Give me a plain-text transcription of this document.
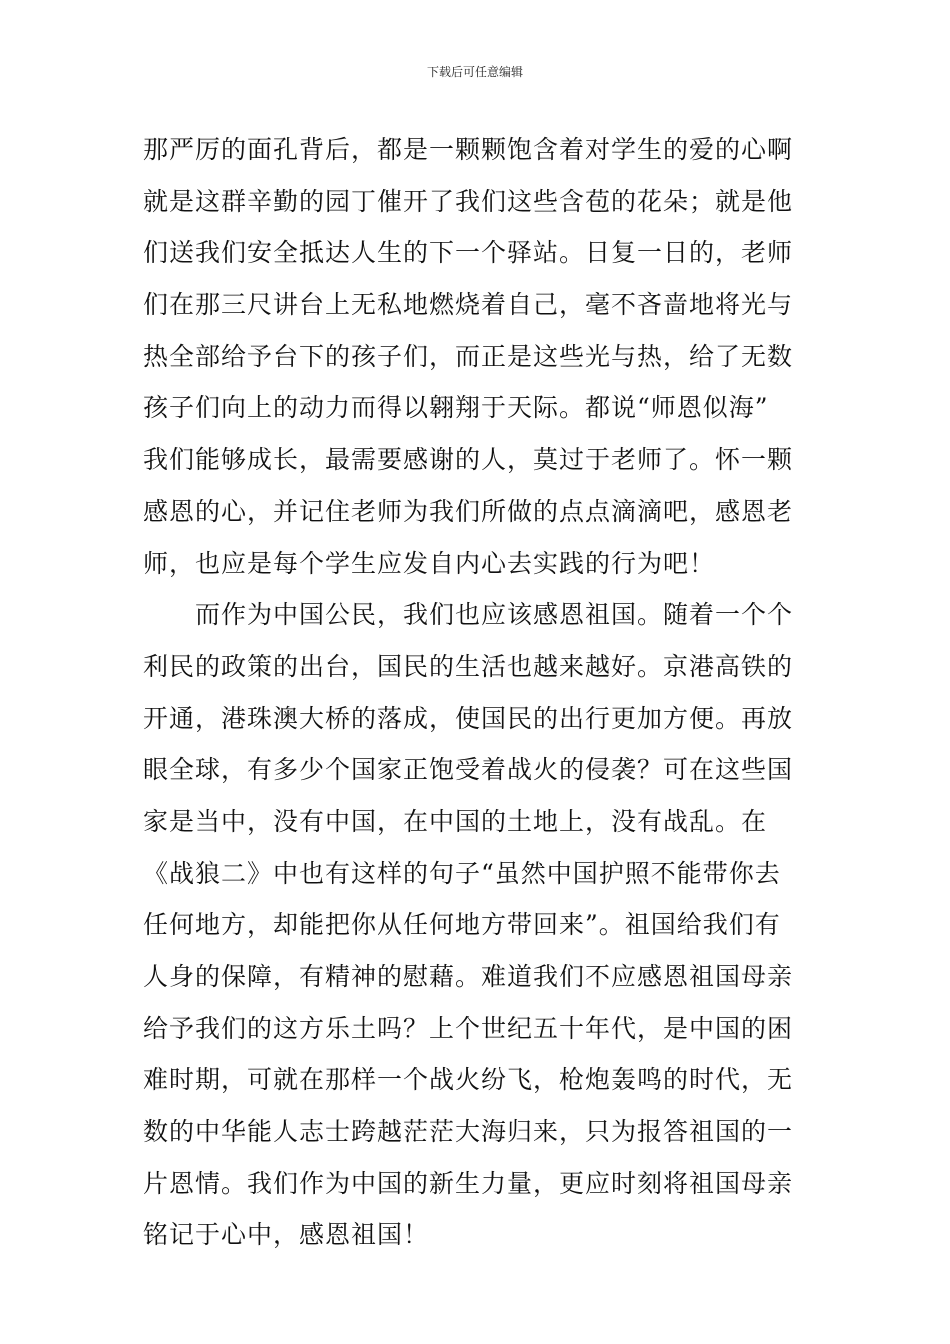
下载后可任意编辑
那严厉的面孔背后，都是一颗颗饱含着对学生的爱的心啊
就是这群辛勤的园丁催开了我们这些含苞的花朵；就是他
们送我们安全抵达人生的下一个驿站。日复一日的，老师
们在那三尺讲台上无私地燃烧着自己，毫不吝啬地将光与
热全部给予台下的孩子们，而正是这些光与热，给了无数
孩子们向上的动力而得以翱翔于天际。都说“师恩似海”
我们能够成长，最需要感谢的人，莫过于老师了。怀一颗
感恩的心，并记住老师为我们所做的点点滴滴吧，感恩老
师，也应是每个学生应发自内心去实践的行为吧！
　　而作为中国公民，我们也应该感恩祖国。随着一个个
利民的政策的出台，国民的生活也越来越好。京港高铁的
开通，港珠澳大桥的落成，使国民的出行更加方便。再放
眼全球，有多少个国家正饱受着战火的侵袭？可在这些国
家是当中，没有中国，在中国的土地上，没有战乱。在
《战狼二》中也有这样的句子“虽然中国护照不能带你去
任何地方，却能把你从任何地方带回来”。祖国给我们有
人身的保障，有精神的慰藉。难道我们不应感恩祖国母亲
给予我们的这方乐土吗？上个世纪五十年代，是中国的困
难时期，可就在那样一个战火纷飞，枪炮轰鸣的时代，无
数的中华能人志士跨越茫茫大海归来，只为报答祖国的一
片恩情。我们作为中国的新生力量，更应时刻将祖国母亲
铭记于心中，感恩祖国！
